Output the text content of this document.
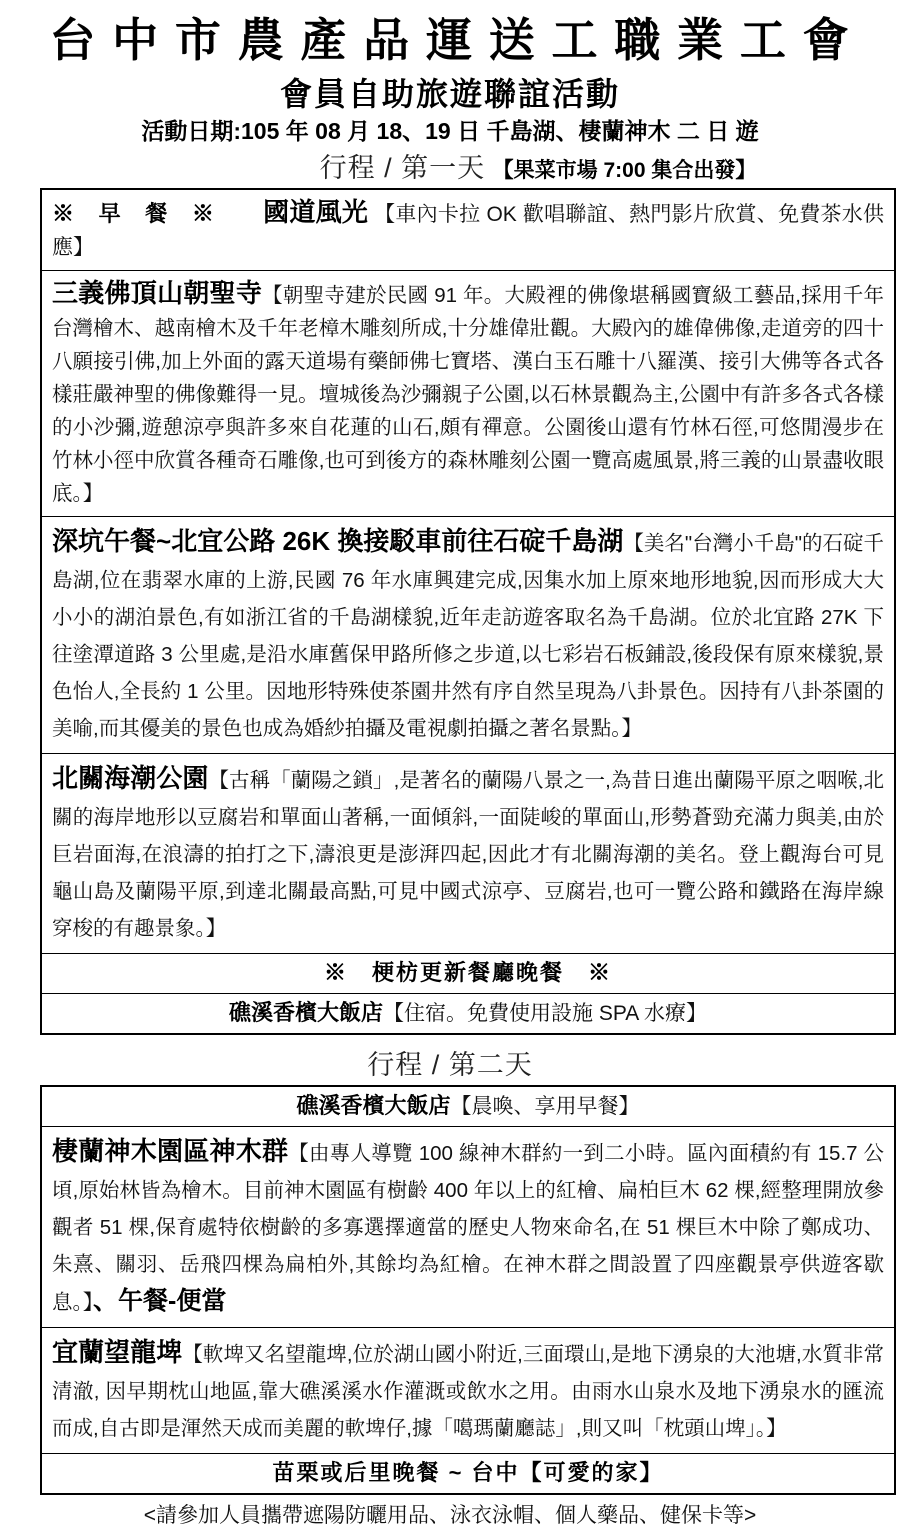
台 中 市 農 產 品 運 送 工 職 業 工 會
會員自助旅遊聯誼活動
活動日期:105 年 08 月 18、19 日 千島湖、棲蘭神木 二 日 遊
行程 / 第一天 【果菜市場 7:00 集合出發】
※ 早 餐 ※ 國道風光 【車內卡拉 OK 歡唱聯誼、熱門影片欣賞、免費茶水供應】
三義佛頂山朝聖寺【朝聖寺建於民國 91 年。大殿裡的佛像堪稱國寶級工藝品,採用千年台灣檜木、越南檜木及千年老樟木雕刻所成,十分雄偉壯觀。大殿內的雄偉佛像,走道旁的四十八願接引佛,加上外面的露天道場有藥師佛七寶塔、漢白玉石雕十八羅漢、接引大佛等各式各樣莊嚴神聖的佛像難得一見。壇城後為沙彌親子公園,以石林景觀為主,公園中有許多各式各樣的小沙彌,遊憩涼亭與許多來自花蓮的山石,頗有禪意。公園後山還有竹林石徑,可悠閒漫步在竹林小徑中欣賞各種奇石雕像,也可到後方的森林雕刻公園一覽高處風景,將三義的山景盡收眼底。】
深坑午餐~北宜公路 26K 換接駁車前往石碇千島湖【美名"台灣小千島"的石碇千島湖,位在翡翠水庫的上游,民國 76 年水庫興建完成,因集水加上原來地形地貌,因而形成大大小小的湖泊景色,有如浙江省的千島湖樣貌,近年走訪遊客取名為千島湖。位於北宜路 27K 下往塗潭道路 3 公里處,是沿水庫舊保甲路所修之步道,以七彩岩石板鋪設,後段保有原來樣貌,景色怡人,全長約 1 公里。因地形特殊使茶園井然有序自然呈現為八卦景色。因持有八卦茶園的美喻,而其優美的景色也成為婚紗拍攝及電視劇拍攝之著名景點。】
北關海潮公園【古稱「蘭陽之鎖」,是著名的蘭陽八景之一,為昔日進出蘭陽平原之咽喉,北關的海岸地形以豆腐岩和單面山著稱,一面傾斜,一面陡峻的單面山,形勢蒼勁充滿力與美,由於巨岩面海,在浪濤的拍打之下,濤浪更是澎湃四起,因此才有北關海潮的美名。登上觀海台可見龜山島及蘭陽平原,到達北關最高點,可見中國式涼亭、豆腐岩,也可一覽公路和鐵路在海岸線穿梭的有趣景象。】
※　梗枋更新餐廳晚餐　※
礁溪香檳大飯店【住宿。免費使用設施 SPA 水療】
行程 / 第二天
礁溪香檳大飯店【晨喚、享用早餐】
棲蘭神木園區神木群【由專人導覽 100 線神木群約一到二小時。區內面積約有 15.7 公頃,原始林皆為檜木。目前神木園區有樹齡 400 年以上的紅檜、扁柏巨木 62 棵,經整理開放參觀者 51 棵,保育處特依樹齡的多寡選擇適當的歷史人物來命名,在 51 棵巨木中除了鄭成功、朱熹、關羽、岳飛四棵為扁柏外,其餘均為紅檜。在神木群之間設置了四座觀景亭供遊客歇息。】、午餐-便當
宜蘭望龍埤【軟埤又名望龍埤,位於湖山國小附近,三面環山,是地下湧泉的大池塘,水質非常清澈, 因早期枕山地區,靠大礁溪溪水作灌溉或飲水之用。由雨水山泉水及地下湧泉水的匯流而成,自古即是渾然天成而美麗的軟埤仔,據「噶瑪蘭廳誌」,則又叫「枕頭山埤」。】
苗栗或后里晚餐 ~ 台中【可愛的家】
<請參加人員攜帶遮陽防曬用品、泳衣泳帽、個人藥品、健保卡等>
